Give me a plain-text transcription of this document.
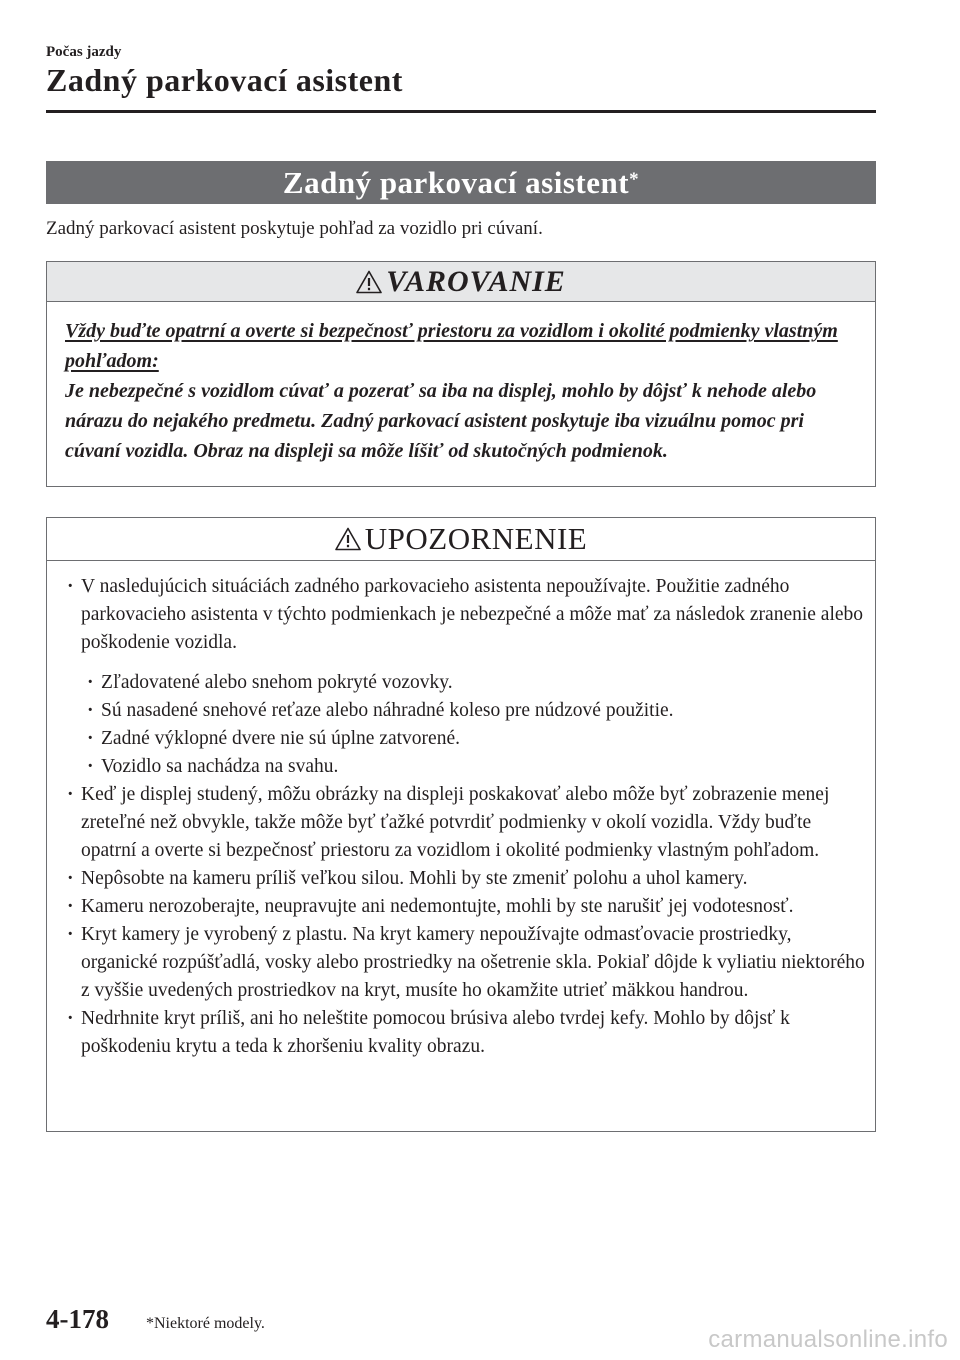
Počas jazdy
Zadný parkovací asistent
Zadný parkovací asistent*
Zadný parkovací asistent poskytuje pohľad za vozidlo pri cúvaní.
VAROVANIE
Vždy buďte opatrní a overte si bezpečnosť priestoru za vozidlom i okolité podmienky vlastným pohľadom:
Je nebezpečné s vozidlom cúvať a pozerať sa iba na displej, mohlo by dôjsť k nehode alebo nárazu do nejakého predmetu. Zadný parkovací asistent poskytuje iba vizuálnu pomoc pri cúvaní vozidla. Obraz na displeji sa môže líšiť od skutočných podmienok.
UPOZORNENIE
· V nasledujúcich situáciách zadného parkovacieho asistenta nepoužívajte. Použitie zadného parkovacieho asistenta v týchto podmienkach je nebezpečné a môže mať za následok zranenie alebo poškodenie vozidla.
· Zľadovatené alebo snehom pokryté vozovky.
· Sú nasadené snehové reťaze alebo náhradné koleso pre núdzové použitie.
· Zadné výklopné dvere nie sú úplne zatvorené.
· Vozidlo sa nachádza na svahu.
· Keď je displej studený, môžu obrázky na displeji poskakovať alebo môže byť zobrazenie menej zreteľné než obvykle, takže môže byť ťažké potvrdiť podmienky v okolí vozidla. Vždy buďte opatrní a overte si bezpečnosť priestoru za vozidlom i okolité podmienky vlastným pohľadom.
· Nepôsobte na kameru príliš veľkou silou. Mohli by ste zmeniť polohu a uhol kamery.
· Kameru nerozoberajte, neupravujte ani nedemontujte, mohli by ste narušiť jej vodotesnosť.
· Kryt kamery je vyrobený z plastu. Na kryt kamery nepoužívajte odmasťovacie prostriedky, organické rozpúšťadlá, vosky alebo prostriedky na ošetrenie skla. Pokiaľ dôjde k vyliatiu niektorého z vyššie uvedených prostriedkov na kryt, musíte ho okamžite utrieť mäkkou handrou.
· Nedrhnite kryt príliš, ani ho neleštite pomocou brúsiva alebo tvrdej kefy. Mohlo by dôjsť k poškodeniu krytu a teda k zhoršeniu kvality obrazu.
4-178 *Niektoré modely.
carmanualsonline.info
